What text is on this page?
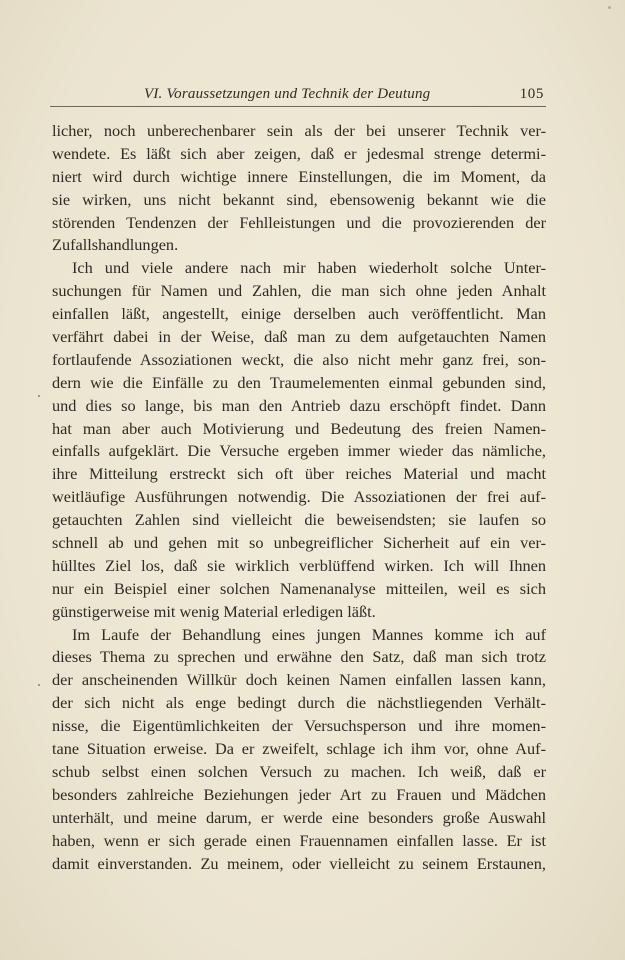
VI. Voraussetzungen und Technik der Deutung	105
licher, noch unberechenbarer sein als der bei unserer Technik ver-
wendete. Es läßt sich aber zeigen, daß er jedesmal strenge determi-
niert wird durch wichtige innere Einstellungen, die im Moment, da
sie wirken, uns nicht bekannt sind, ebensowenig bekannt wie die
störenden Tendenzen der Fehlleistungen und die provozierenden der
Zufallshandlungen.
Ich und viele andere nach mir haben wiederholt solche Unter-
suchungen für Namen und Zahlen, die man sich ohne jeden Anhalt
einfallen läßt, angestellt, einige derselben auch veröffentlicht. Man
verfährt dabei in der Weise, daß man zu dem aufgetauchten Namen
fortlaufende Assoziationen weckt, die also nicht mehr ganz frei, son-
dern wie die Einfälle zu den Traumelementen einmal gebunden sind,
und dies so lange, bis man den Antrieb dazu erschöpft findet. Dann
hat man aber auch Motivierung und Bedeutung des freien Namen-
einfalls aufgeklärt. Die Versuche ergeben immer wieder das nämliche,
ihre Mitteilung erstreckt sich oft über reiches Material und macht
weitläufige Ausführungen notwendig. Die Assoziationen der frei auf-
getauchten Zahlen sind vielleicht die beweisendsten; sie laufen so
schnell ab und gehen mit so unbegreiflicher Sicherheit auf ein ver-
hülltes Ziel los, daß sie wirklich verblüffend wirken. Ich will Ihnen
nur ein Beispiel einer solchen Namenanalyse mitteilen, weil es sich
günstigerweise mit wenig Material erledigen läßt.
Im Laufe der Behandlung eines jungen Mannes komme ich auf
dieses Thema zu sprechen und erwähne den Satz, daß man sich trotz
der anscheinenden Willkür doch keinen Namen einfallen lassen kann,
der sich nicht als enge bedingt durch die nächstliegenden Verhält-
nisse, die Eigentümlichkeiten der Versuchsperson und ihre momen-
tane Situation erweise. Da er zweifelt, schlage ich ihm vor, ohne Auf-
schub selbst einen solchen Versuch zu machen. Ich weiß, daß er
besonders zahlreiche Beziehungen jeder Art zu Frauen und Mädchen
unterhält, und meine darum, er werde eine besonders große Auswahl
haben, wenn er sich gerade einen Frauennamen einfallen lasse. Er ist
damit einverstanden. Zu meinem, oder vielleicht zu seinem Erstaunen,
